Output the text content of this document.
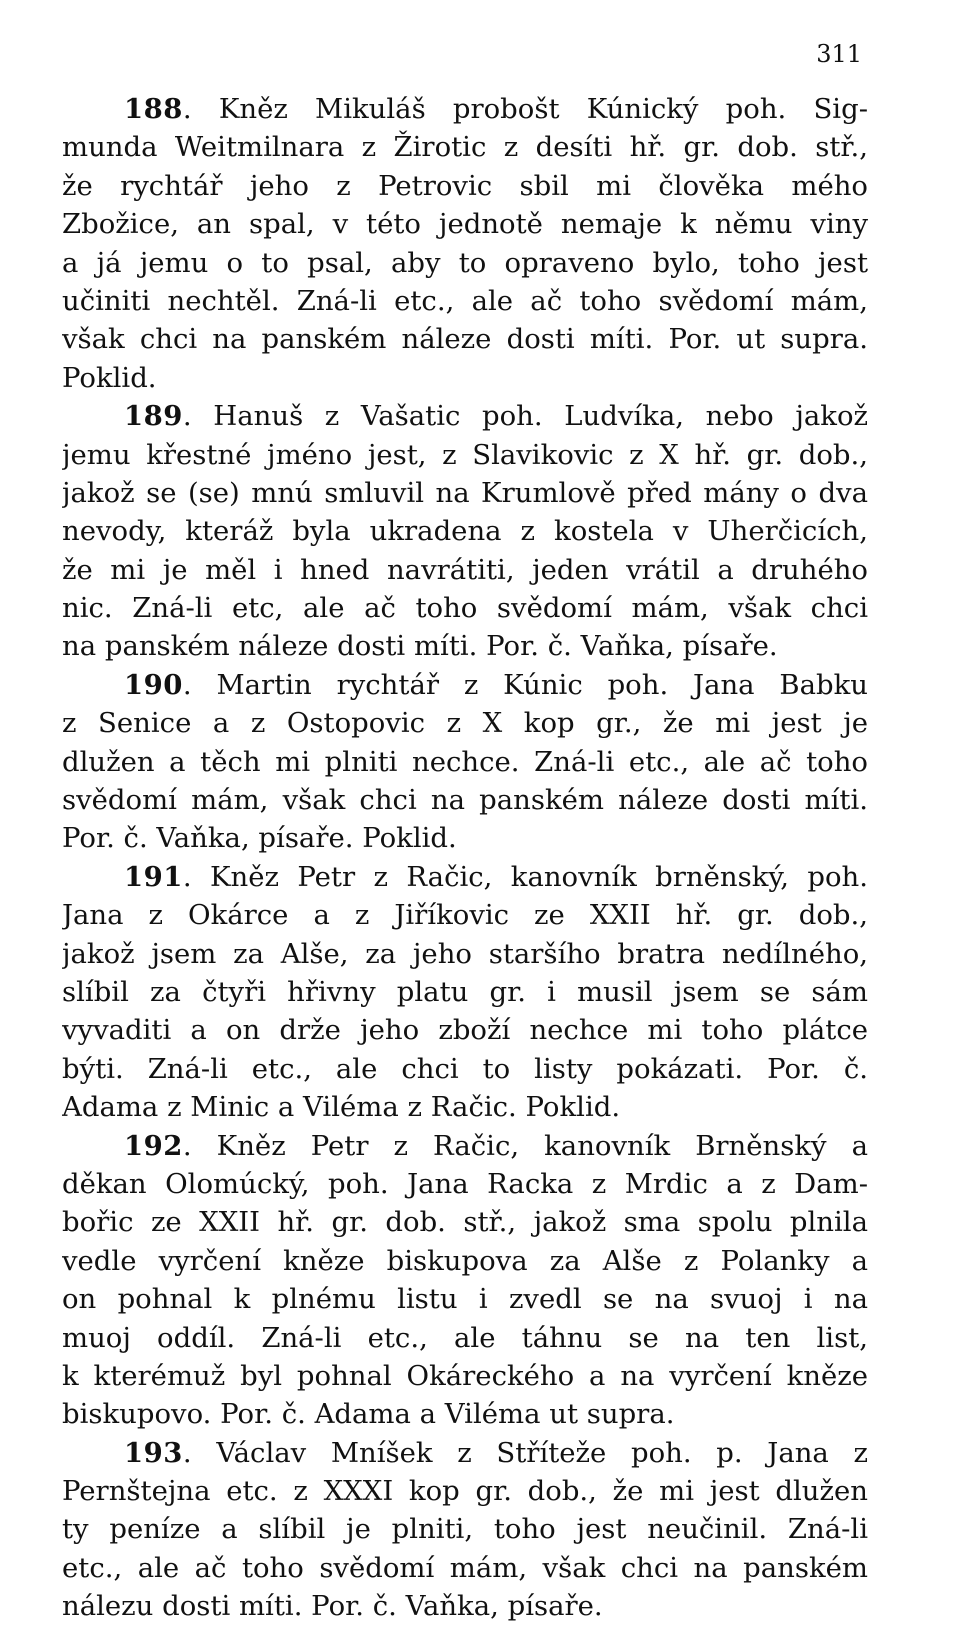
311
188. Kněz Mikuláš probošt Kúnický poh. Sig-
munda Weitmilnara z Žirotic z desíti hř. gr. dob. stř.,
že rychtář jeho z Petrovic sbil mi člověka mého
Zbožice, an spal, v této jednotě nemaje k němu viny
a já jemu o to psal, aby to opraveno bylo, toho jest
učiniti nechtěl. Zná-li etc., ale ač toho svědomí mám,
však chci na panském náleze dosti míti. Por. ut supra.
Poklid.
189. Hanuš z Vašatic poh. Ludvíka, nebo jakož
jemu křestné jméno jest, z Slavikovic z X hř. gr. dob.,
jakož se (se) mnú smluvil na Krumlově před mány o dva
nevody, kteráž byla ukradena z kostela v Uherčicích,
že mi je měl i hned navrátiti, jeden vrátil a druhého
nic. Zná-li etc, ale ač toho svědomí mám, však chci
na panském náleze dosti míti. Por. č. Vaňka, písaře.
190. Martin rychtář z Kúnic poh. Jana Babku
z Senice a z Ostopovic z X kop gr., že mi jest je
dlužen a těch mi plniti nechce. Zná-li etc., ale ač toho
svědomí mám, však chci na panském náleze dosti míti.
Por. č. Vaňka, písaře. Poklid.
191. Kněz Petr z Račic, kanovník brněnský, poh.
Jana z Okárce a z Jiříkovic ze XXII hř. gr. dob.,
jakož jsem za Alše, za jeho staršího bratra nedílného,
slíbil za čtyři hřivny platu gr. i musil jsem se sám
vyvaditi a on drže jeho zboží nechce mi toho plátce
býti. Zná-li etc., ale chci to listy pokázati. Por. č.
Adama z Minic a Viléma z Račic. Poklid.
192. Kněz Petr z Račic, kanovník Brněnský a
děkan Olomúcký, poh. Jana Racka z Mrdic a z Dam-
bořic ze XXII hř. gr. dob. stř., jakož sma spolu plnila
vedle vyrčení kněze biskupova za Alše z Polanky a
on pohnal k plnému listu i zvedl se na svuoj i na
muoj oddíl. Zná-li etc., ale táhnu se na ten list,
k kterémuž byl pohnal Okáreckého a na vyrčení kněze
biskupovo. Por. č. Adama a Viléma ut supra.
193. Václav Mníšek z Stříteže poh. p. Jana z
Pernštejna etc. z XXXI kop gr. dob., že mi jest dlužen
ty peníze a slíbil je plniti, toho jest neučinil. Zná-li
etc., ale ač toho svědomí mám, však chci na panském
nálezu dosti míti. Por. č. Vaňka, písaře.
